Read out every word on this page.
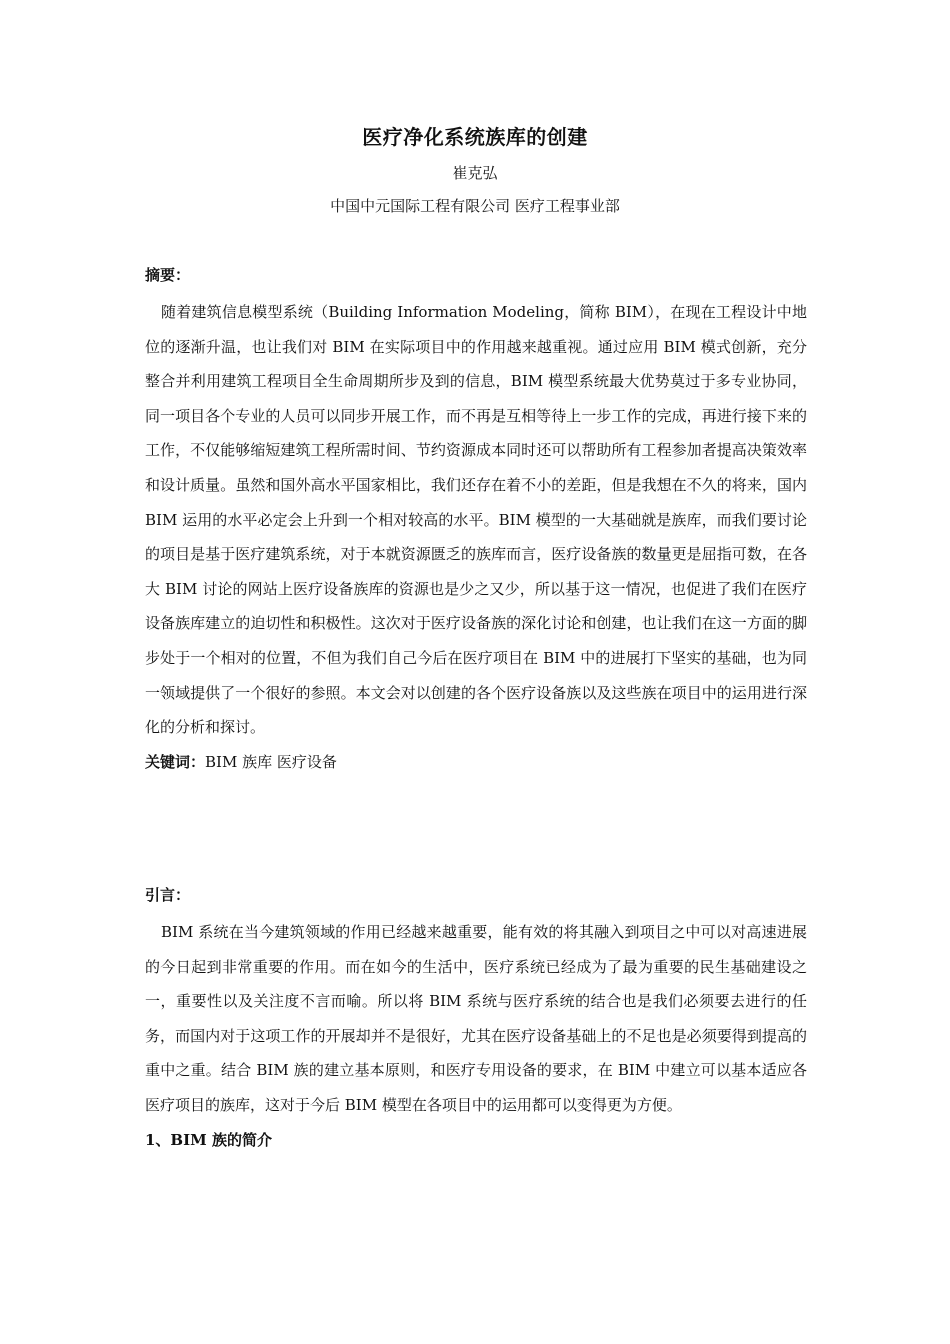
医疗净化系统族库的创建
崔克弘
中国中元国际工程有限公司 医疗工程事业部

摘要：

随着建筑信息模型系统（Building Information Modeling，简称 BIM），在现在工程设计中地位的逐渐升温，也让我们对 BIM 在实际项目中的作用越来越重视。通过应用 BIM 模式创新，充分整合并利用建筑工程项目全生命周期所步及到的信息，BIM 模型系统最大优势莫过于多专业协同，同一项目各个专业的人员可以同步开展工作，而不再是互相等待上一步工作的完成，再进行接下来的工作，不仅能够缩短建筑工程所需时间、节约资源成本同时还可以帮助所有工程参加者提高决策效率和设计质量。虽然和国外高水平国家相比，我们还存在着不小的差距，但是我想在不久的将来，国内 BIM 运用的水平必定会上升到一个相对较高的水平。BIM 模型的一大基础就是族库，而我们要讨论的项目是基于医疗建筑系统，对于本就资源匮乏的族库而言，医疗设备族的数量更是屈指可数，在各大 BIM 讨论的网站上医疗设备族库的资源也是少之又少，所以基于这一情况，也促进了我们在医疗设备族库建立的迫切性和积极性。这次对于医疗设备族的深化讨论和创建，也让我们在这一方面的脚步处于一个相对的位置，不但为我们自己今后在医疗项目在 BIM 中的进展打下坚实的基础，也为同一领域提供了一个很好的参照。本文会对以创建的各个医疗设备族以及这些族在项目中的运用进行深化的分析和探讨。

关键词：BIM 族库 医疗设备

引言：

BIM 系统在当今建筑领域的作用已经越来越重要，能有效的将其融入到项目之中可以对高速进展的今日起到非常重要的作用。而在如今的生活中，医疗系统已经成为了最为重要的民生基础建设之一，重要性以及关注度不言而喻。所以将 BIM 系统与医疗系统的结合也是我们必须要去进行的任务，而国内对于这项工作的开展却并不是很好，尤其在医疗设备基础上的不足也是必须要得到提高的重中之重。结合 BIM 族的建立基本原则，和医疗专用设备的要求，在 BIM 中建立可以基本适应各医疗项目的族库，这对于今后 BIM 模型在各项目中的运用都可以变得更为方便。

1、BIM 族的简介
